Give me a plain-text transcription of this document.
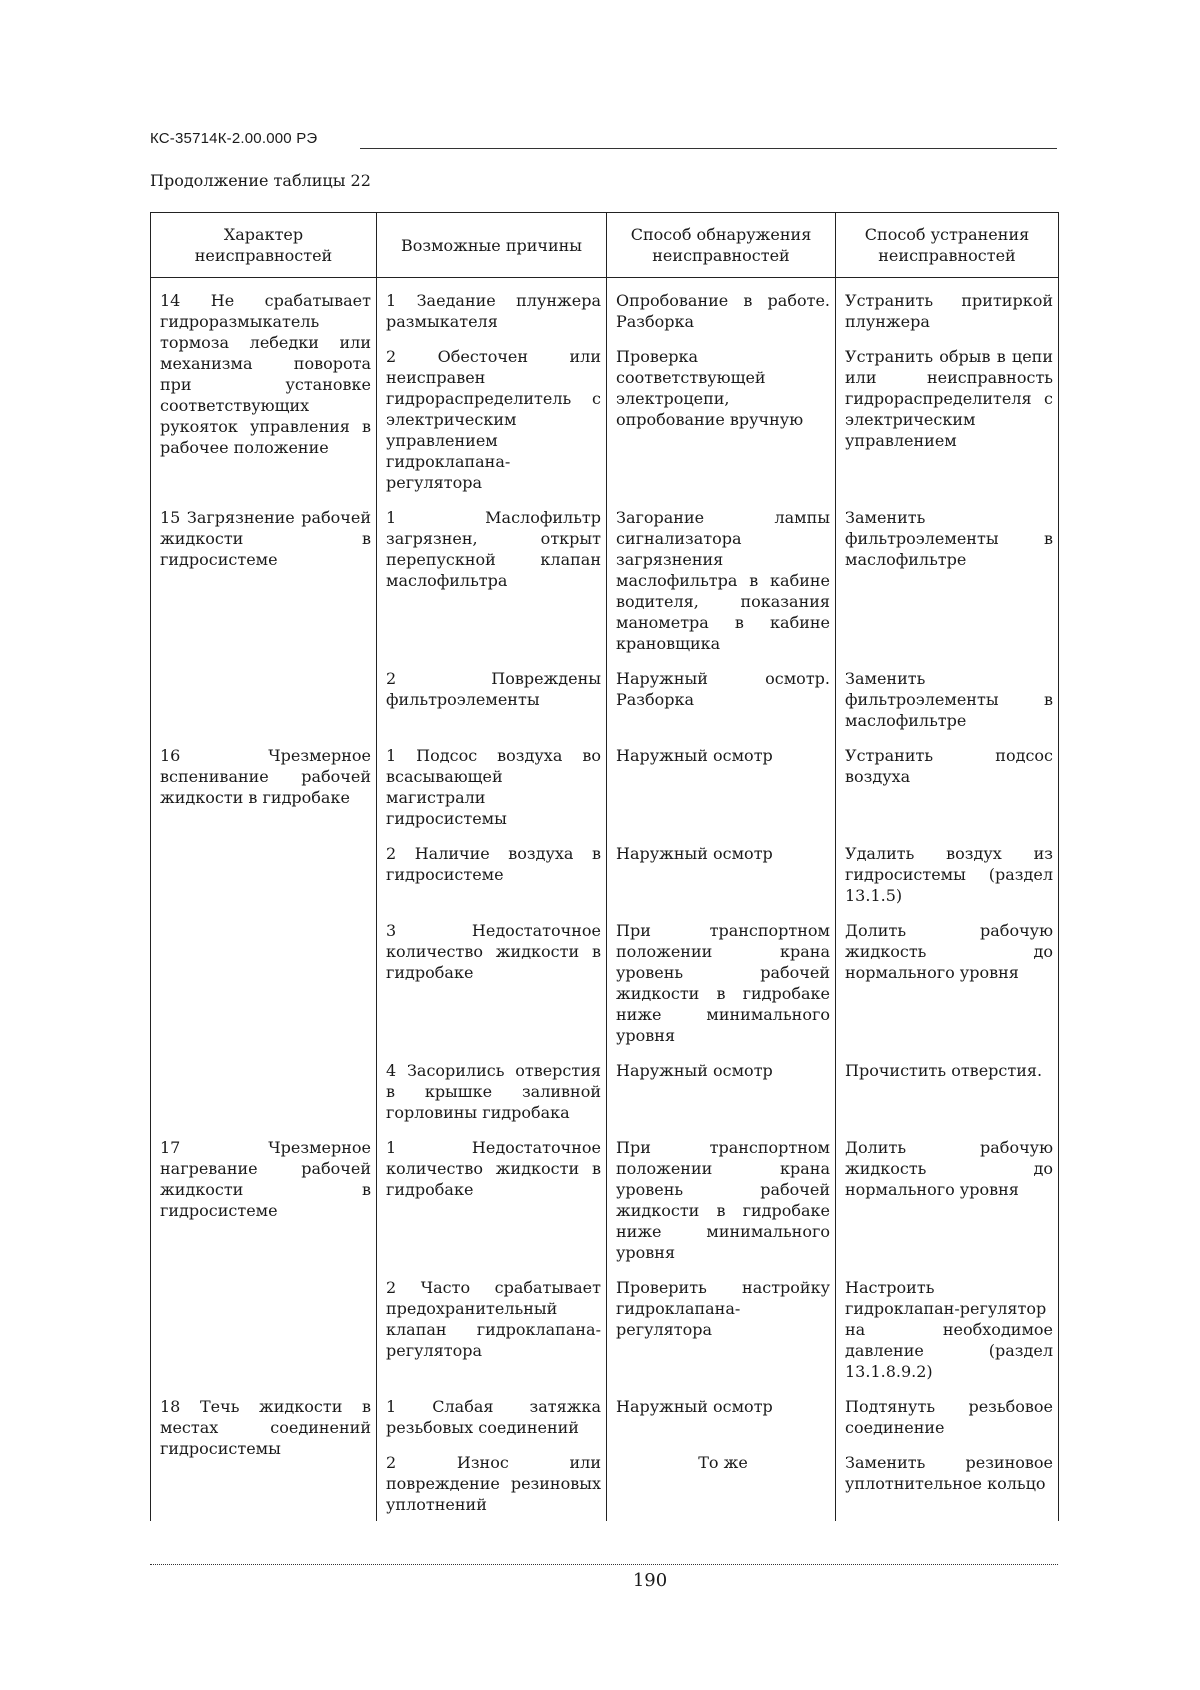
КС-35714К-2.00.000 РЭ
Продолжение таблицы 22
Характер неисправностей	Возможные причины	Способ обнаружения неисправностей	Способ устранения неисправностей
14 Не срабатывает гидроразмыкатель тормоза лебедки или механизма поворота при установке соответствующих рукояток управления в рабочее положение	1 Заедание плунжера размыкателя	Опробование в работе. Разборка	Устранить притиркой плунжера
	2 Обесточен или неисправен гидрораспределитель с электрическим управлением гидроклапана-регулятора	Проверка соответствующей электроцепи, опробование вручную	Устранить обрыв в цепи или неисправность гидрораспределителя с электрическим управлением
15 Загрязнение рабочей жидкости в гидросистеме	1 Маслофильтр загрязнен, открыт перепускной клапан маслофильтра	Загорание лампы сигнализатора загрязнения маслофильтра в кабине водителя, показания манометра в кабине крановщика	Заменить фильтроэлементы в маслофильтре
	2 Повреждены фильтроэлементы	Наружный осмотр. Разборка	Заменить фильтроэлементы в маслофильтре
16 Чрезмерное вспенивание рабочей жидкости в гидробаке	1 Подсос воздуха во всасывающей магистрали гидросистемы	Наружный осмотр	Устранить подсос воздуха
	2 Наличие воздуха в гидросистеме	Наружный осмотр	Удалить воздух из гидросистемы (раздел 13.1.5)
	3 Недостаточное количество жидкости в гидробаке	При транспортном положении крана уровень рабочей жидкости в гидробаке ниже минимального уровня	Долить рабочую жидкость до нормального уровня
	4 Засорились отверстия в крышке заливной горловины гидробака	Наружный осмотр	Прочистить отверстия.
17 Чрезмерное нагревание рабочей жидкости в гидросистеме	1 Недостаточное количество жидкости в гидробаке	При транспортном положении крана уровень рабочей жидкости в гидробаке ниже минимального уровня	Долить рабочую жидкость до нормального уровня
	2 Часто срабатывает предохранительный клапан гидроклапана-регулятора	Проверить настройку гидроклапана-регулятора	Настроить гидроклапан-регулятор на необходимое давление (раздел 13.1.8.9.2)
18 Течь жидкости в местах соединений гидросистемы	1 Слабая затяжка резьбовых соединений	Наружный осмотр	Подтянуть резьбовое соединение
	2 Износ или повреждение резиновых уплотнений	То же	Заменить резиновое уплотнительное кольцо

190
